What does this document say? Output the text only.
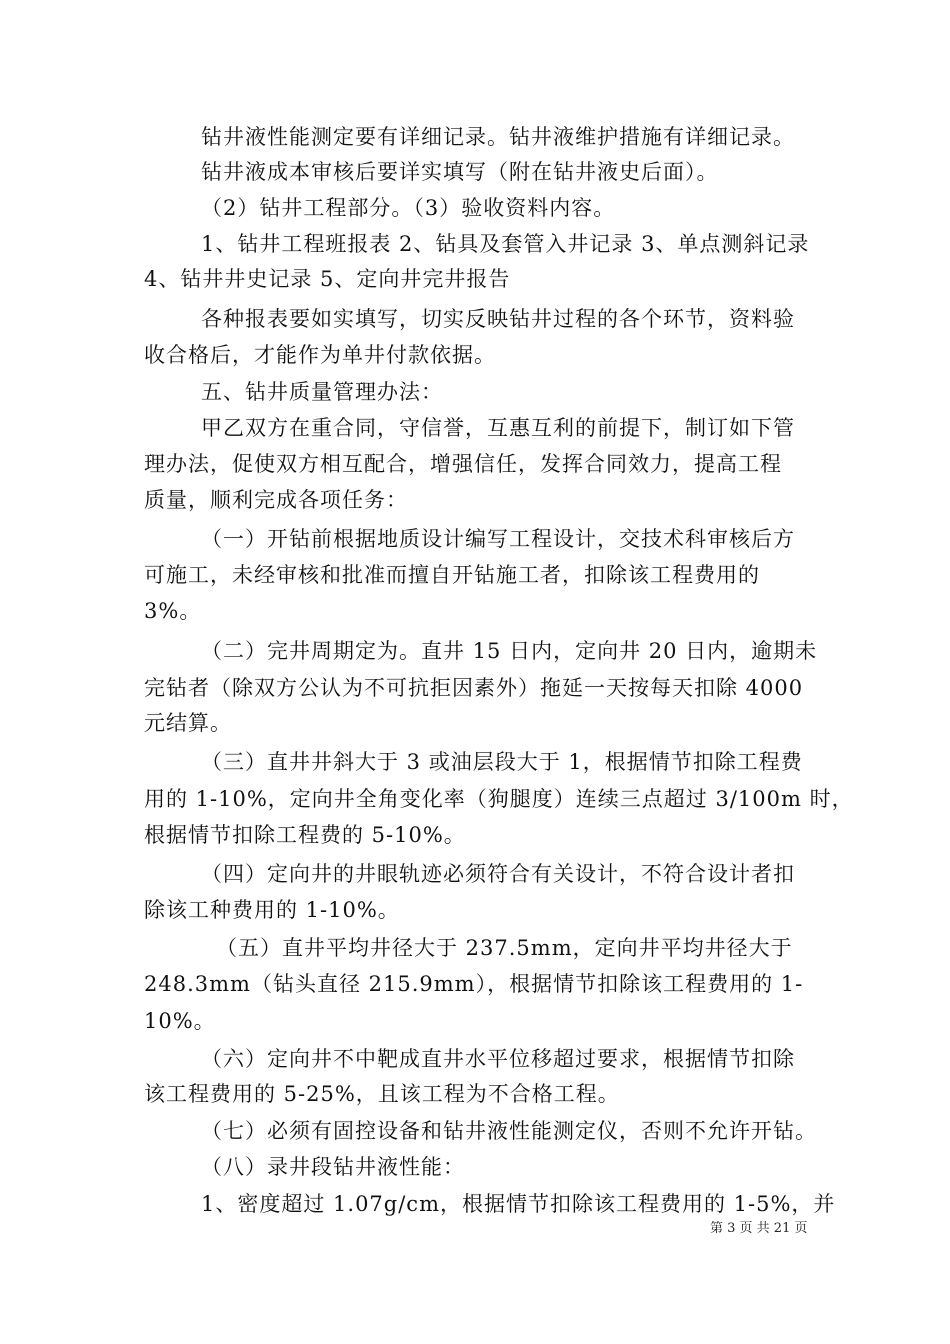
钻井液性能测定要有详细记录。钻井液维护措施有详细记录。
钻井液成本审核后要详实填写（附在钻井液史后面）。
（2）钻井工程部分。（3）验收资料内容。
1、钻井工程班报表 2、钻具及套管入井记录 3、单点测斜记录
4、钻井井史记录 5、定向井完井报告
各种报表要如实填写，切实反映钻井过程的各个环节，资料验
收合格后，才能作为单井付款依据。
五、钻井质量管理办法：
甲乙双方在重合同，守信誉，互惠互利的前提下，制订如下管
理办法，促使双方相互配合，增强信任，发挥合同效力，提高工程
质量，顺利完成各项任务：
（一）开钻前根据地质设计编写工程设计，交技术科审核后方
可施工，未经审核和批准而擅自开钻施工者，扣除该工程费用的
3%。
（二）完井周期定为。直井 15 日内，定向井 20 日内，逾期未
完钻者（除双方公认为不可抗拒因素外）拖延一天按每天扣除 4000
元结算。
（三）直井井斜大于 3 或油层段大于 1，根据情节扣除工程费
用的 1-10%，定向井全角变化率（狗腿度）连续三点超过 3/100m 时，
根据情节扣除工程费的 5-10%。
（四）定向井的井眼轨迹必须符合有关设计，不符合设计者扣
除该工种费用的 1-10%。
（五）直井平均井径大于 237.5mm，定向井平均井径大于
248.3mm（钻头直径 215.9mm），根据情节扣除该工程费用的 1-
10%。
（六）定向井不中靶成直井水平位移超过要求，根据情节扣除
该工程费用的 5-25%，且该工程为不合格工程。
（七）必须有固控设备和钻井液性能测定仪，否则不允许开钻。
（八）录井段钻井液性能：
1、密度超过 1.07g/cm，根据情节扣除该工程费用的 1-5%，并
第 3 页 共 21 页
